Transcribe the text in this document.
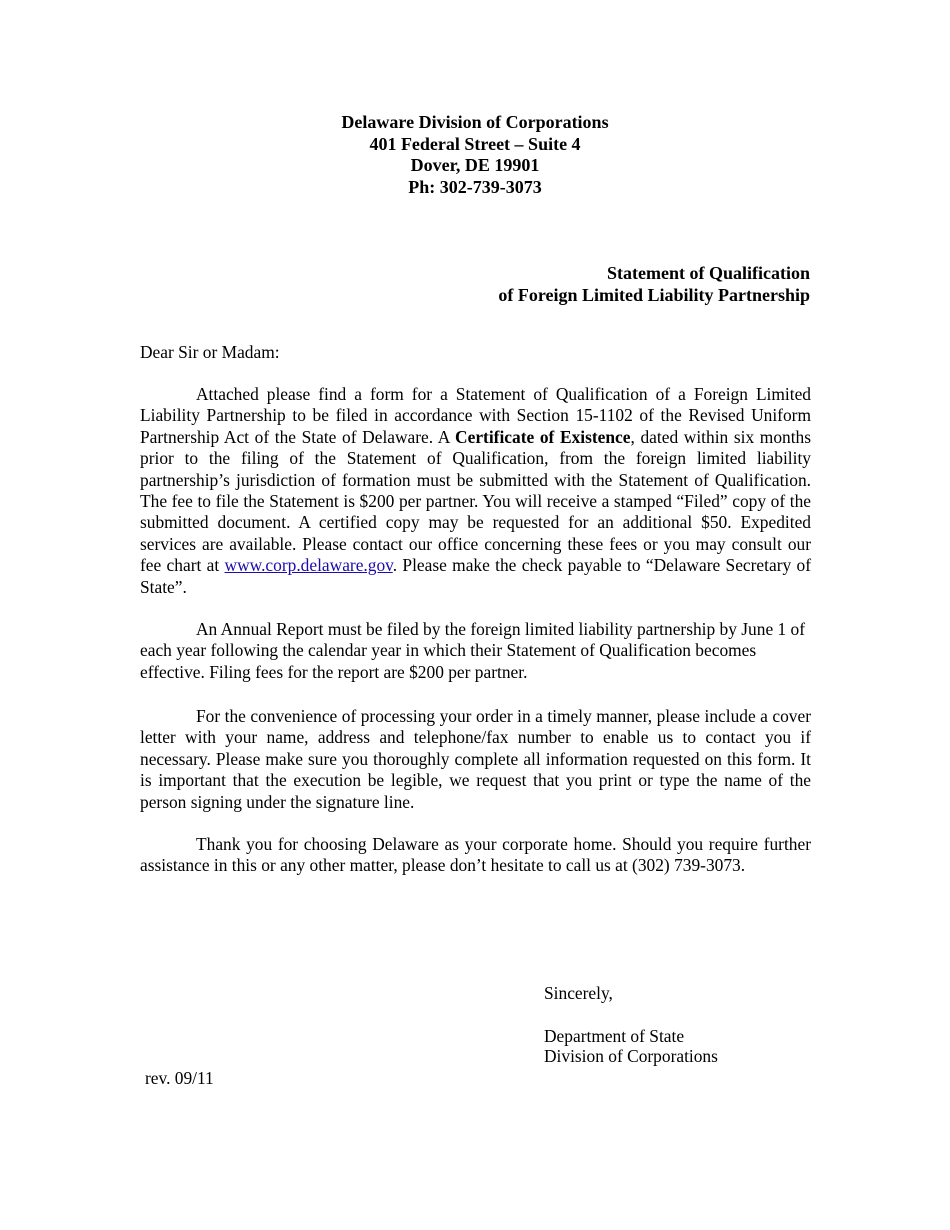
Delaware Division of Corporations
401 Federal Street – Suite 4
Dover, DE 19901
Ph: 302-739-3073
Statement of Qualification
of Foreign Limited Liability Partnership
Dear Sir or Madam:

Attached please find a form for a Statement of Qualification of a Foreign Limited Liability Partnership to be filed in accordance with Section 15-1102 of the Revised Uniform Partnership Act of the State of Delaware. A Certificate of Existence, dated within six months prior to the filing of the Statement of Qualification, from the foreign limited liability partnership’s jurisdiction of formation must be submitted with the Statement of Qualification. The fee to file the Statement is $200 per partner. You will receive a stamped “Filed” copy of the submitted document. A certified copy may be requested for an additional $50. Expedited services are available. Please contact our office concerning these fees or you may consult our fee chart at www.corp.delaware.gov. Please make the check payable to “Delaware Secretary of State”.

An Annual Report must be filed by the foreign limited liability partnership by June 1 of each year following the calendar year in which their Statement of Qualification becomes effective. Filing fees for the report are $200 per partner.

For the convenience of processing your order in a timely manner, please include a cover letter with your name, address and telephone/fax number to enable us to contact you if necessary. Please make sure you thoroughly complete all information requested on this form. It is important that the execution be legible, we request that you print or type the name of the person signing under the signature line.

Thank you for choosing Delaware as your corporate home. Should you require further assistance in this or any other matter, please don’t hesitate to call us at (302) 739-3073.

Sincerely,
Department of State
Division of Corporations
rev. 09/11
